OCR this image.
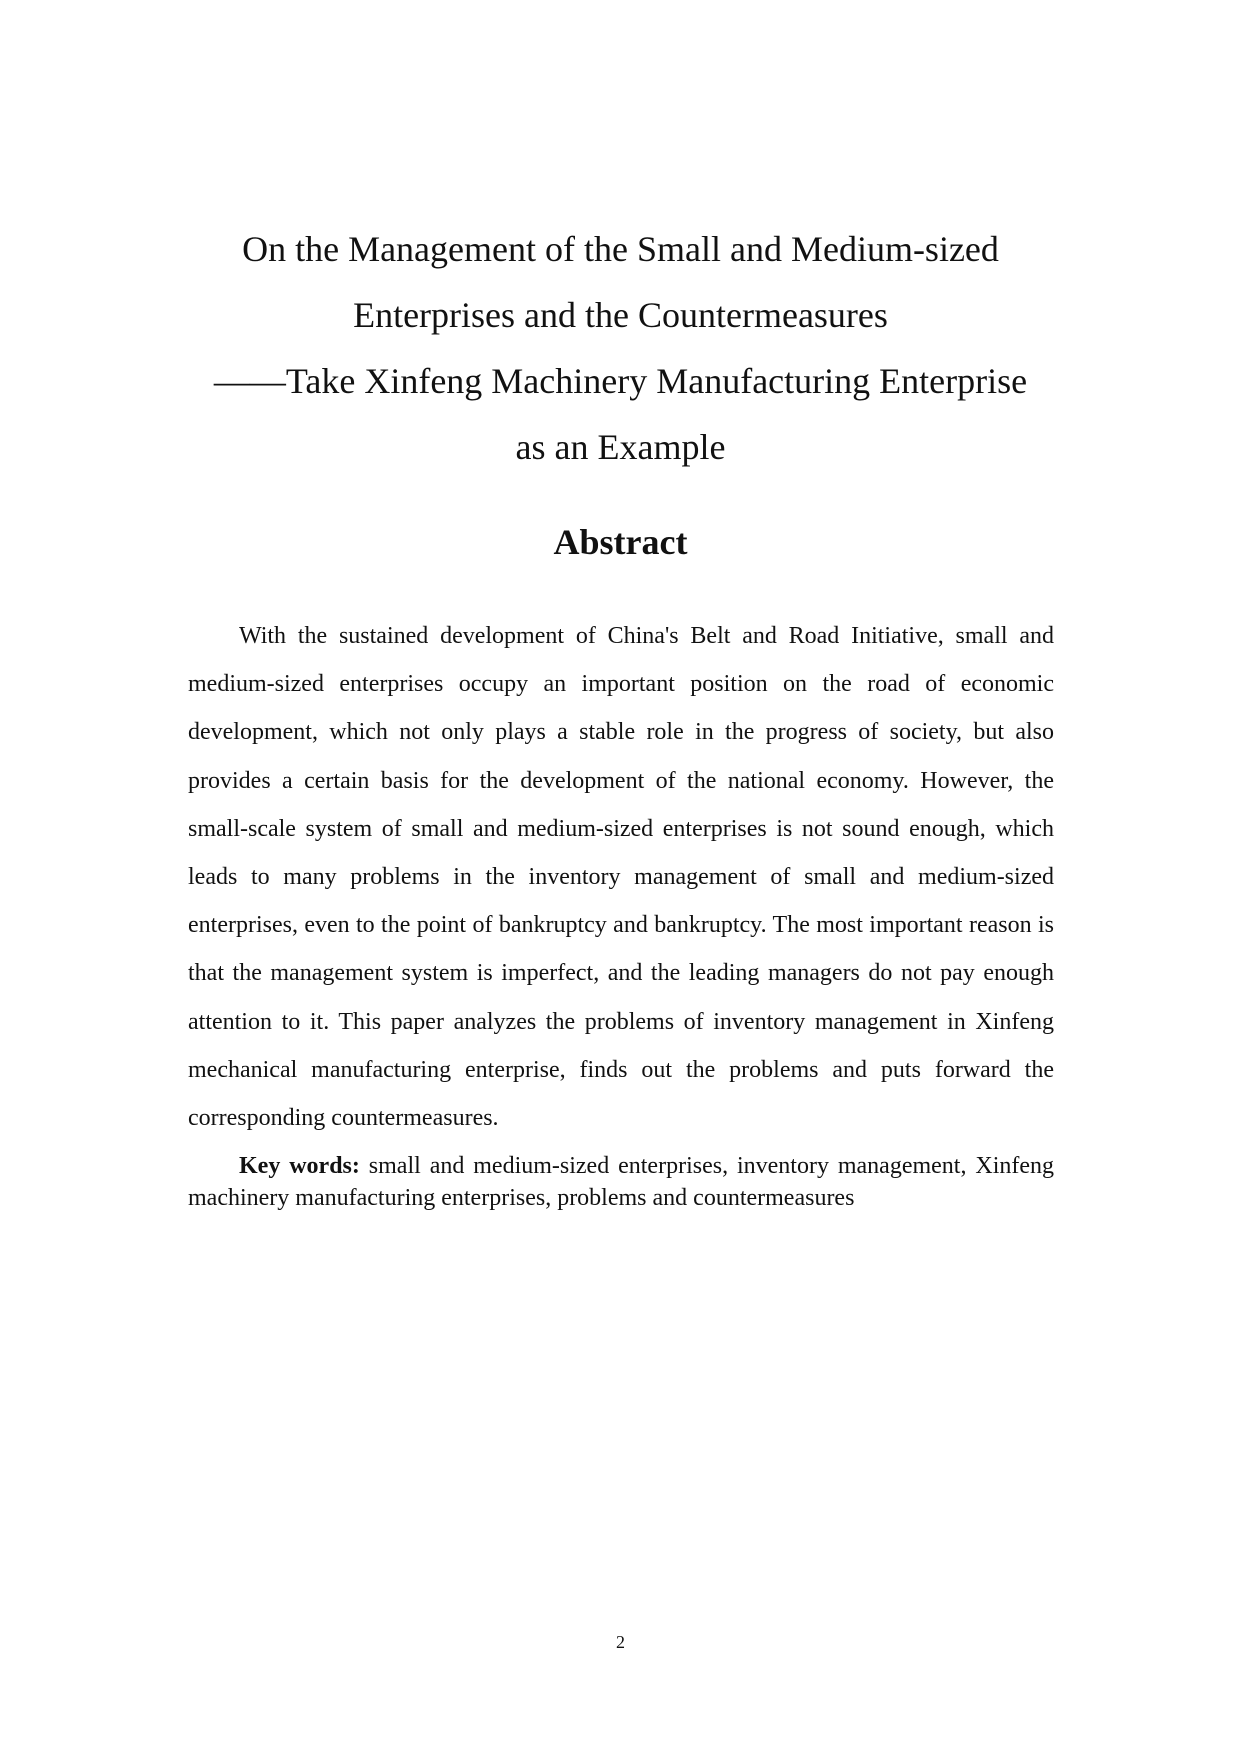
On the Management of the Small and Medium-sized
Enterprises and the Countermeasures
——Take Xinfeng Machinery Manufacturing Enterprise
as an Example
Abstract

With the sustained development of China's Belt and Road Initiative, small and medium-sized enterprises occupy an important position on the road of economic development, which not only plays a stable role in the progress of society, but also provides a certain basis for the development of the national economy. However, the small-scale system of small and medium-sized enterprises is not sound enough, which leads to many problems in the inventory management of small and medium-sized enterprises, even to the point of bankruptcy and bankruptcy. The most important reason is that the management system is imperfect, and the leading managers do not pay enough attention to it. This paper analyzes the problems of inventory management in Xinfeng mechanical manufacturing enterprise, finds out the problems and puts forward the corresponding countermeasures.

Key words: small and medium-sized enterprises, inventory management, Xinfeng machinery manufacturing enterprises, problems and countermeasures

2
